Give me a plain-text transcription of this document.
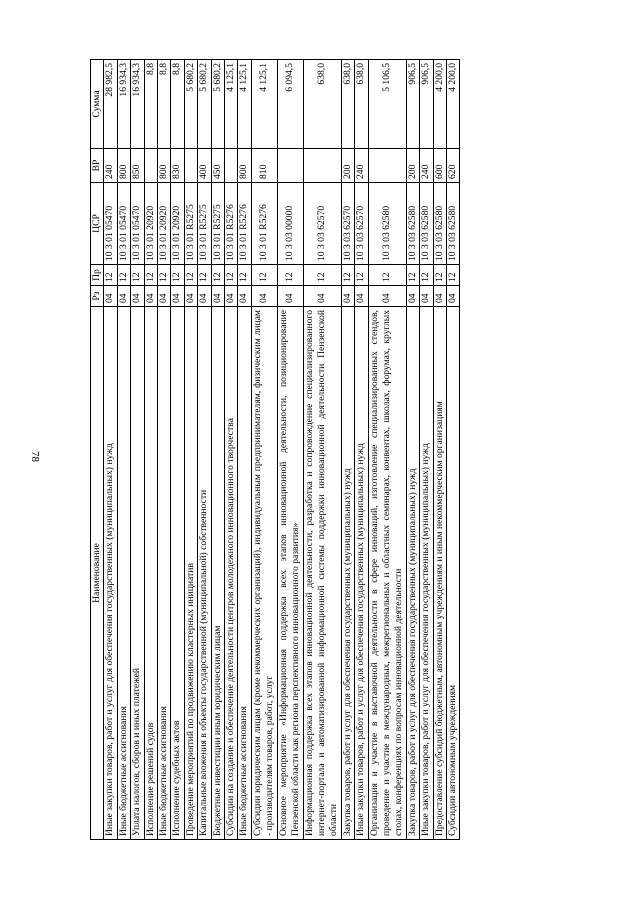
78
Наименование	Рз	Пр	ЦСР	ВР	Сумма
Иные закупки товаров, работ и услуг для обеспечения государственных (муниципальных) нужд	04	12	10 3 01 05470	240	28 982,5
Иные бюджетные ассигнования	04	12	10 3 01 05470	800	16 934,3
Уплата налогов, сборов и иных платежей	04	12	10 3 01 05470	850	16 934,3
Исполнение решений судов	04	12	10 3 01 20920		8,8
Иные бюджетные ассигнования	04	12	10 3 01 20920	800	8,8
Исполнение судебных актов	04	12	10 3 01 20920	830	8,8
Проведение мероприятий по продвижению кластерных инициатив	04	12	10 3 01 R5275		5 680,2
Капитальные вложения в объекты государственной (муниципальной) собственности	04	12	10 3 01 R5275	400	5 680,2
Бюджетные инвестиции иным юридическим лицам	04	12	10 3 01 R5275	450	5 680,2
Субсидии на создание и обеспечение деятельности центров молодежного инновационного творчества	04	12	10 3 01 R5276		4 125,1
Иные бюджетные ассигнования	04	12	10 3 01 R5276	800	4 125,1
Субсидии юридическим лицам (кроме некоммерческих организаций), индивидуальным предпринимателям, физическим лицам - производителям товаров, работ, услуг	04	12	10 3 01 R5276	810	4 125,1
Основное мероприятие «Информационная поддержка всех этапов инновационной деятельности, позиционирование Пензенской области как региона перспективного инновационного развития»	04	12	10 3 03 00000		6 094,5
Информационная поддержка всех этапов инновационной деятельности, разработка и сопровождение специализированного интернет-портала и автоматизированной информационной системы поддержки инновационной деятельности Пензенской области	04	12	10 3 03 62570		638,0
Закупка товаров, работ и услуг для обеспечения государственных (муниципальных) нужд	04	12	10 3 03 62570	200	638,0
Иные закупки товаров, работ и услуг для обеспечения государственных (муниципальных) нужд	04	12	10 3 03 62570	240	638,0
Организация и участие в выставочной деятельности в сфере инноваций, изготовление специализированных стендов, проведение и участие в международных, межрегиональных и областных семинарах, конвентах, школах, форумах, круглых столах, конференциях по вопросам инновационной деятельности	04	12	10 3 03 62580		5 106,5
Закупка товаров, работ и услуг для обеспечения государственных (муниципальных) нужд	04	12	10 3 03 62580	200	906,5
Иные закупки товаров, работ и услуг для обеспечения государственных (муниципальных) нужд	04	12	10 3 03 62580	240	906,5
Предоставление субсидий бюджетным, автономным учреждениям и иным некоммерческим организациям	04	12	10 3 03 62580	600	4 200,0
Субсидии автономным учреждениям	04	12	10 3 03 62580	620	4 200,0
